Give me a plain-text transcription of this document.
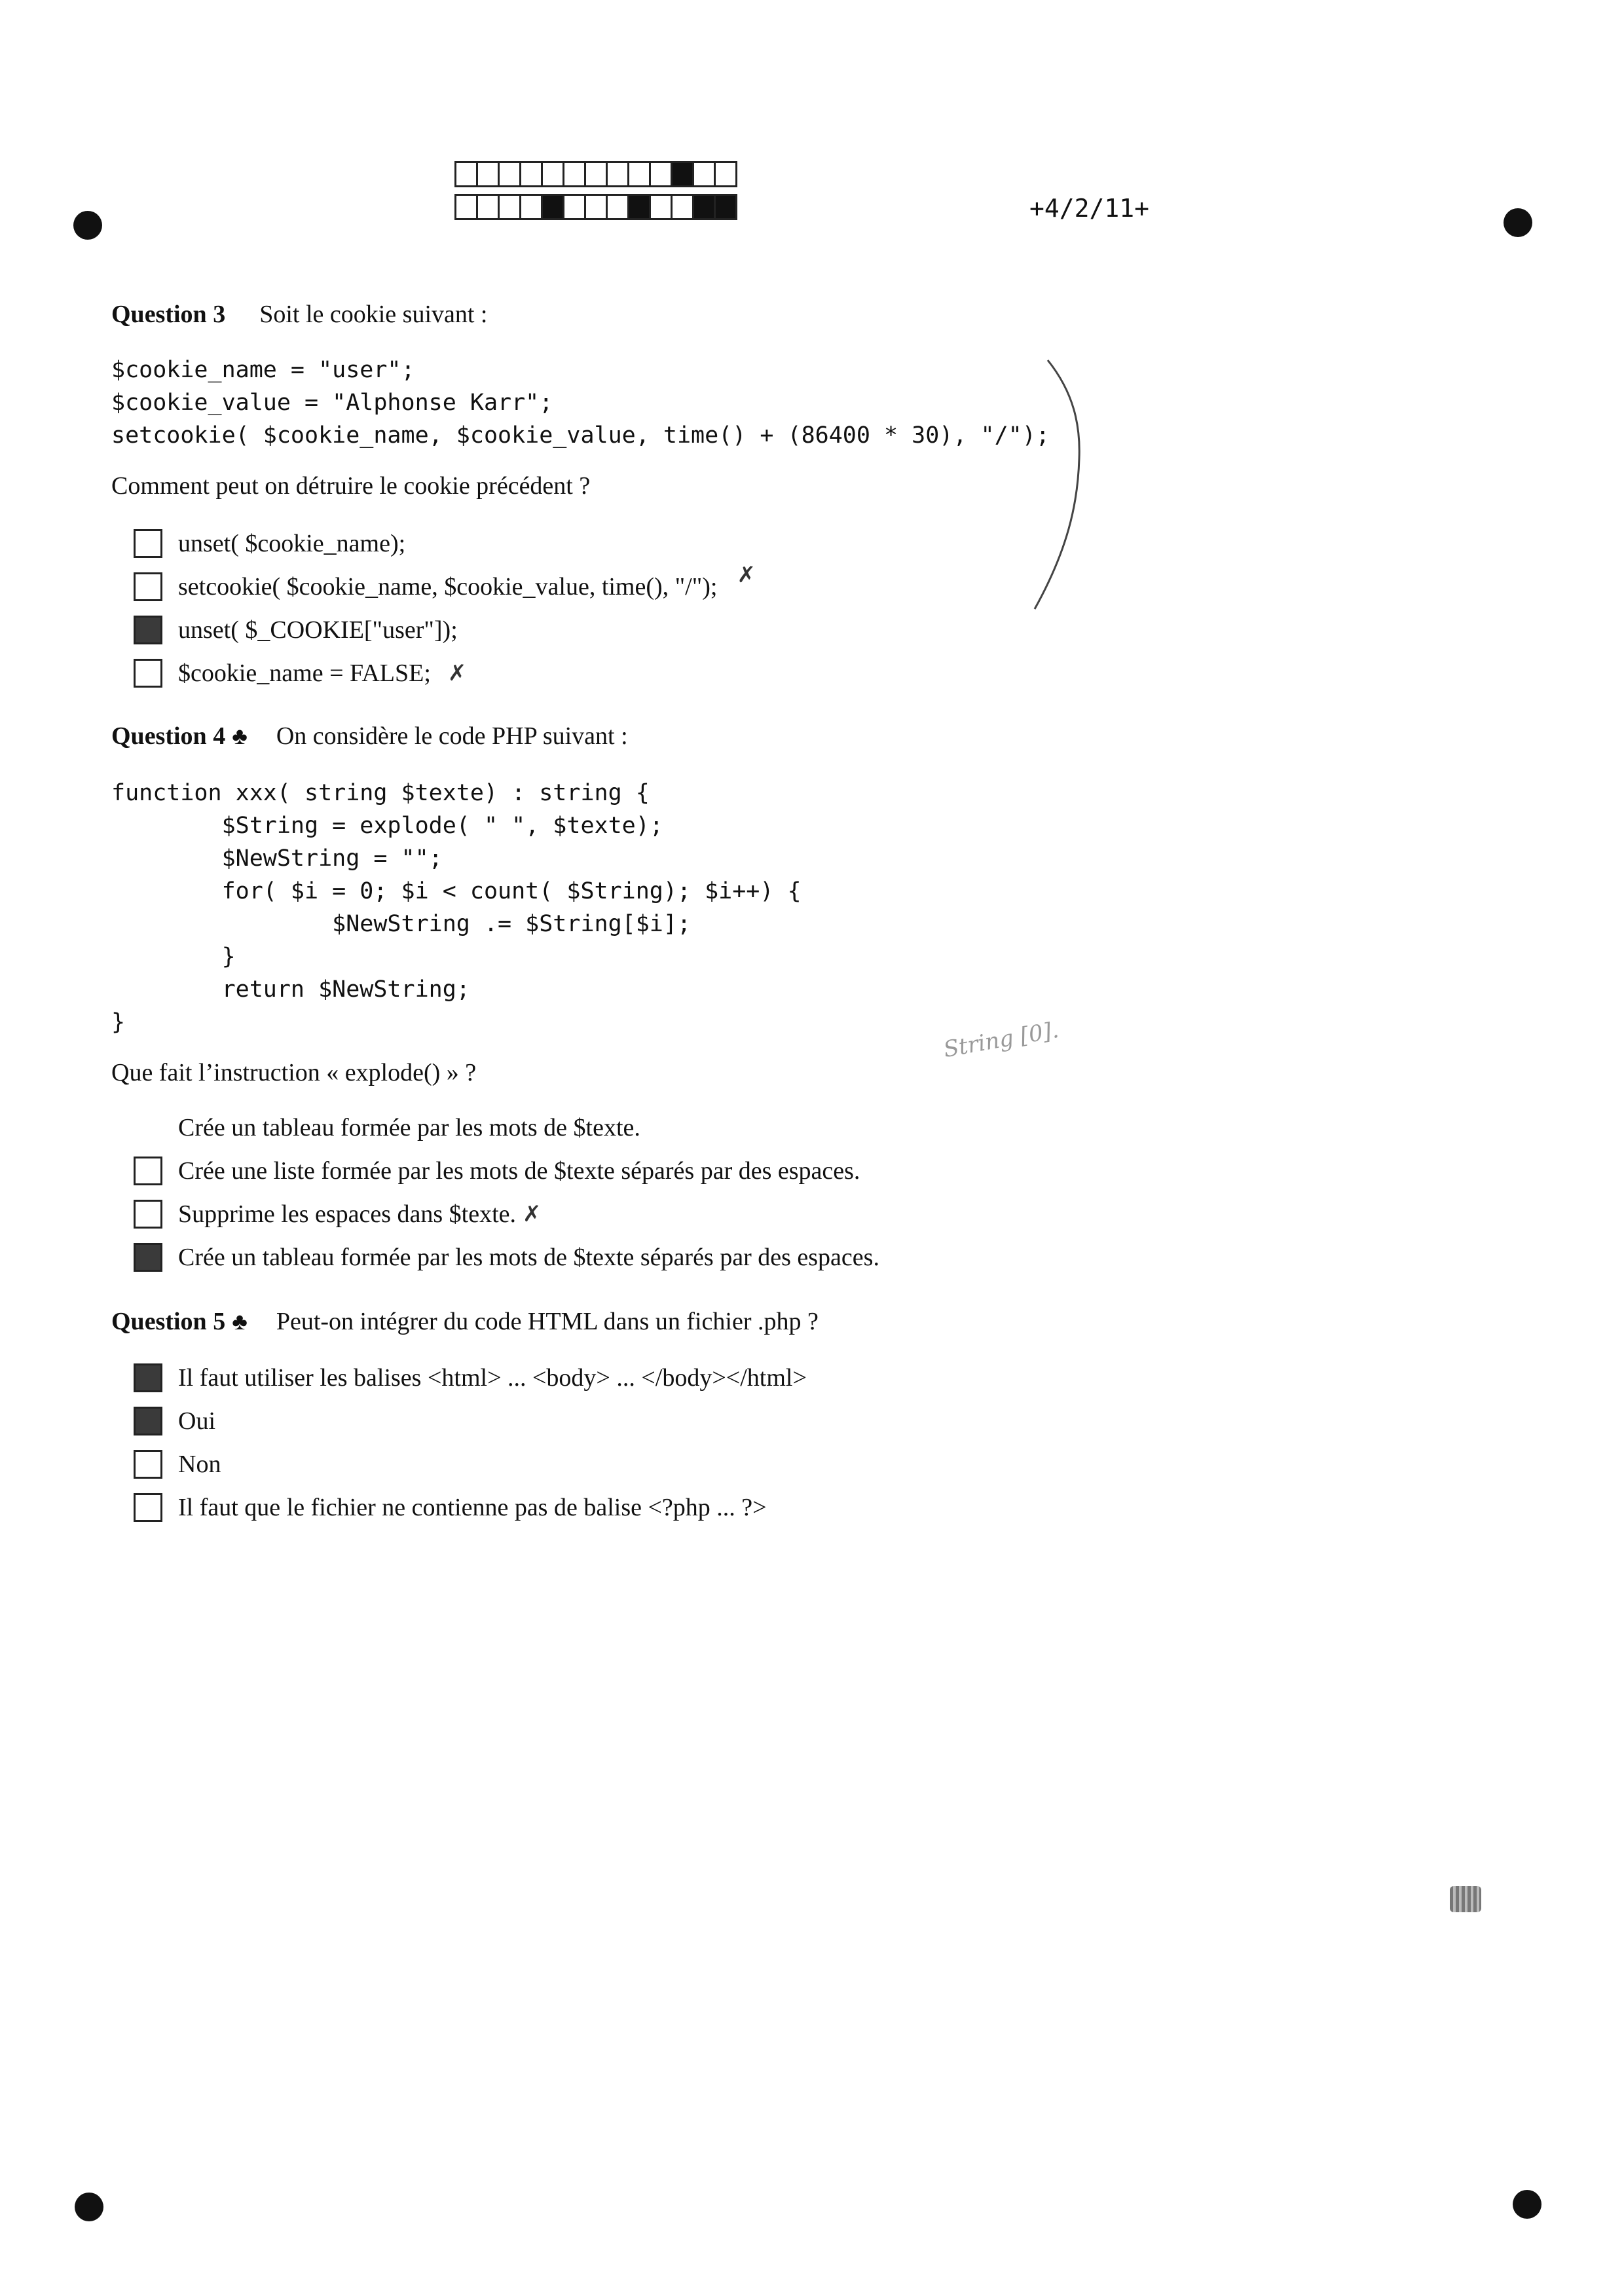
+4/2/11+
Question 3 Soit le cookie suivant :
$cookie_name = "user";
$cookie_value = "Alphonse Karr";
setcookie( $cookie_name, $cookie_value, time() + (86400 * 30), "/");
Comment peut on détruire le cookie précédent ?
unset( $cookie_name);
setcookie( $cookie_name, $cookie_value, time(), "/"); ✗
unset( $_COOKIE["user"]);
$cookie_name = FALSE; ✗
Question 4 ♣ On considère le code PHP suivant :
function xxx( string $texte) : string {
$String = explode( " ", $texte);
$NewString = "";
for( $i = 0; $i < count( $String); $i++) {
$NewString .= $String[$i];
}
return $NewString;
}
Que fait l’instruction « explode() » ?
String [0].
Crée un tableau formée par les mots de $texte.
Crée une liste formée par les mots de $texte séparés par des espaces.
Supprime les espaces dans $texte. ✗
Crée un tableau formée par les mots de $texte séparés par des espaces.
Question 5 ♣ Peut-on intégrer du code HTML dans un fichier .php ?
Il faut utiliser les balises <html> ... <body> ... </body></html>
Oui
Non
Il faut que le fichier ne contienne pas de balise <?php ... ?>
